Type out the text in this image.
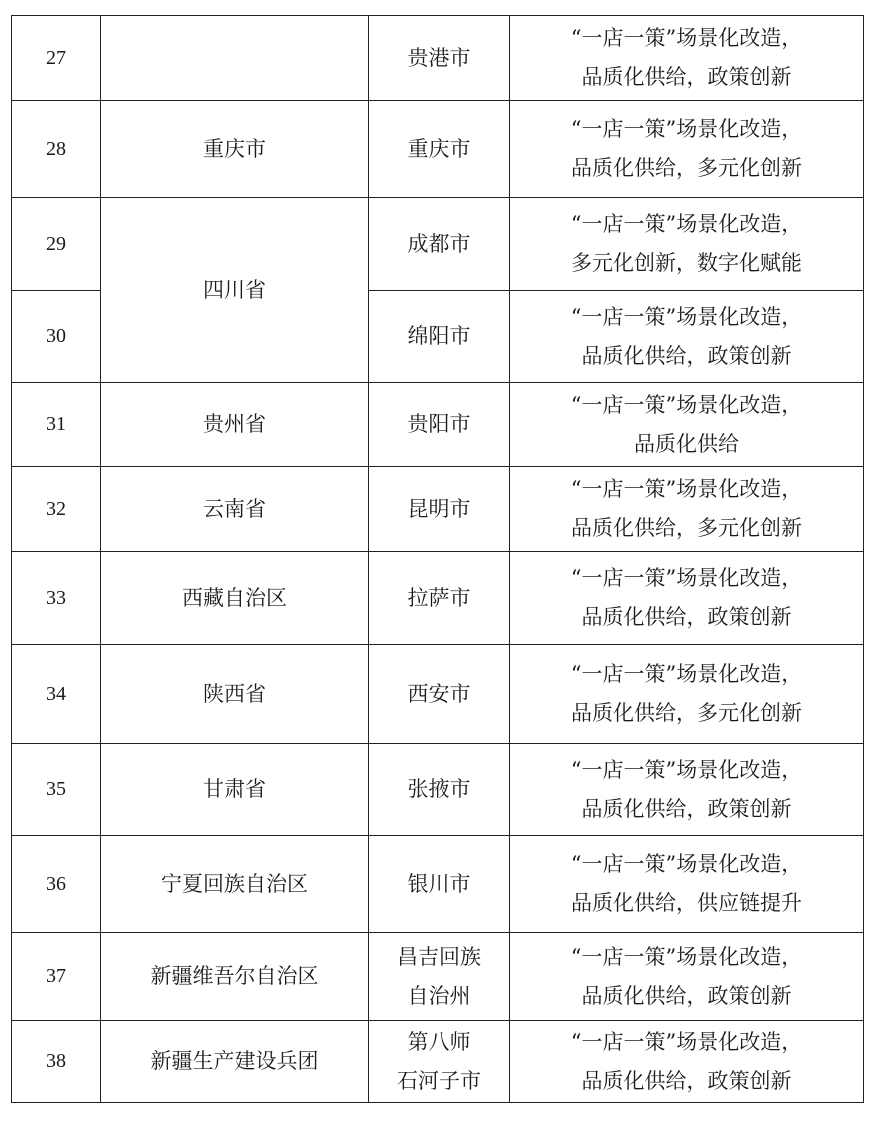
27		贵港市	“一店一策”场景化改造，
品质化供给，政策创新

28	重庆市	重庆市	“一店一策”场景化改造，
品质化供给，多元化创新

29	四川省	成都市	“一店一策”场景化改造，
多元化创新，数字化赋能

30		绵阳市	“一店一策”场景化改造，
品质化供给，政策创新

31	贵州省	贵阳市	“一店一策”场景化改造，
品质化供给

32	云南省	昆明市	“一店一策”场景化改造，
品质化供给，多元化创新

33	西藏自治区	拉萨市	“一店一策”场景化改造，
品质化供给，政策创新

34	陕西省	西安市	“一店一策”场景化改造，
品质化供给，多元化创新

35	甘肃省	张掖市	“一店一策”场景化改造，
品质化供给，政策创新

36	宁夏回族自治区	银川市	“一店一策”场景化改造，
品质化供给，供应链提升

37	新疆维吾尔自治区	昌吉回族
自治州	“一店一策”场景化改造，
品质化供给，政策创新

38	新疆生产建设兵团	第八师
石河子市	“一店一策”场景化改造，
品质化供给，政策创新
